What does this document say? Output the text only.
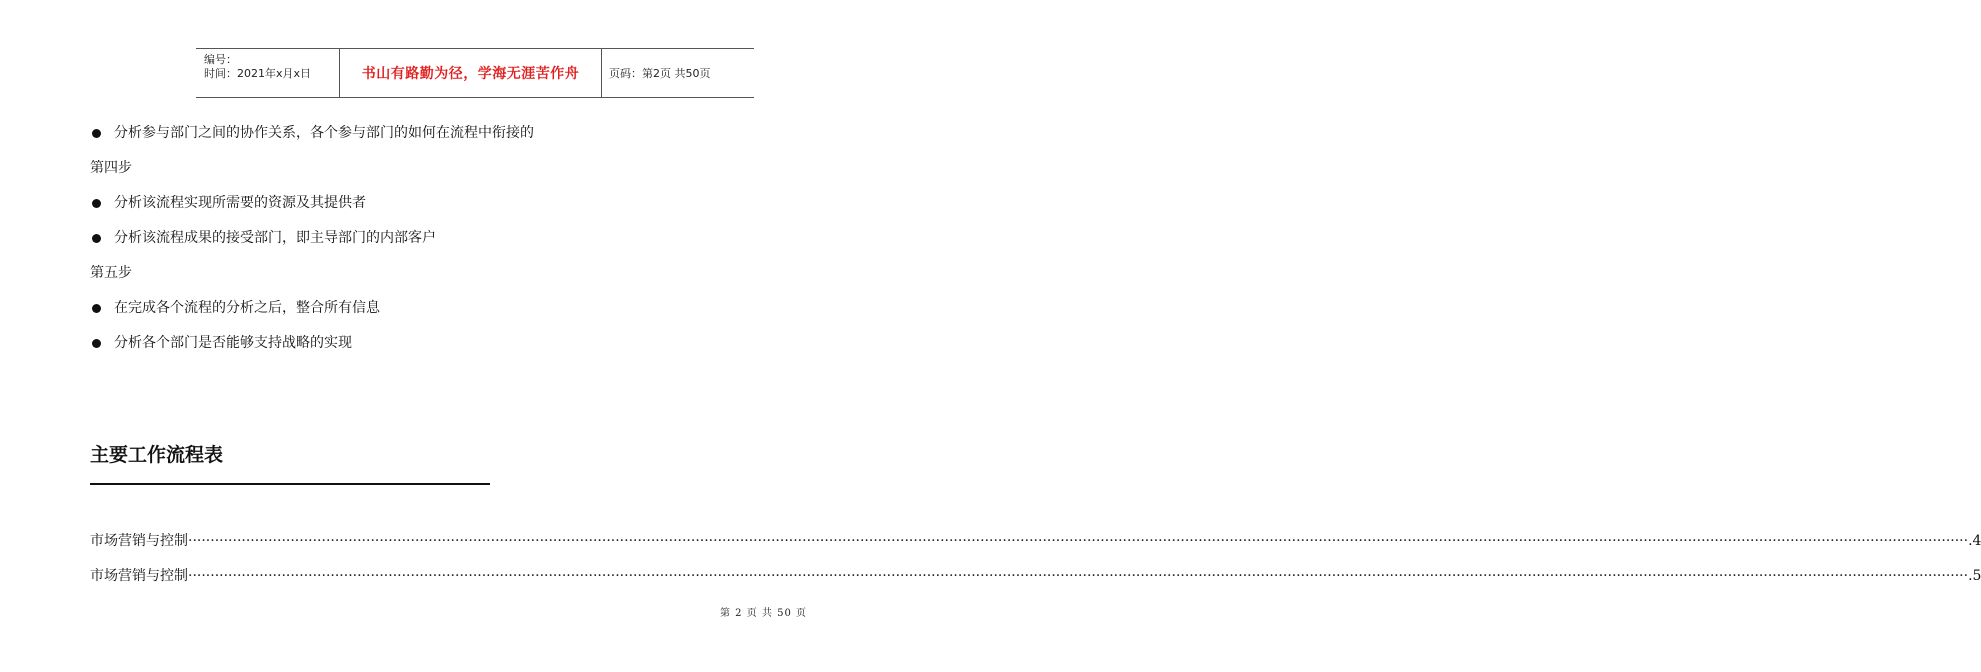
编号：
时间：2021年x月x日	书山有路勤为径，学海无涯苦作舟	页码：第2页 共50页
分析参与部门之间的协作关系，各个参与部门的如何在流程中衔接的
第四步
分析该流程实现所需要的资源及其提供者
分析该流程成果的接受部门，即主导部门的内部客户
第五步
在完成各个流程的分析之后，整合所有信息
分析各个部门是否能够支持战略的实现
主要工作流程表
市场营销与控制 ················································································································································································································································································································································································································ .4
市场营销与控制 ················································································································································································································································································································································································································ .5
第 2 页 共 50 页
